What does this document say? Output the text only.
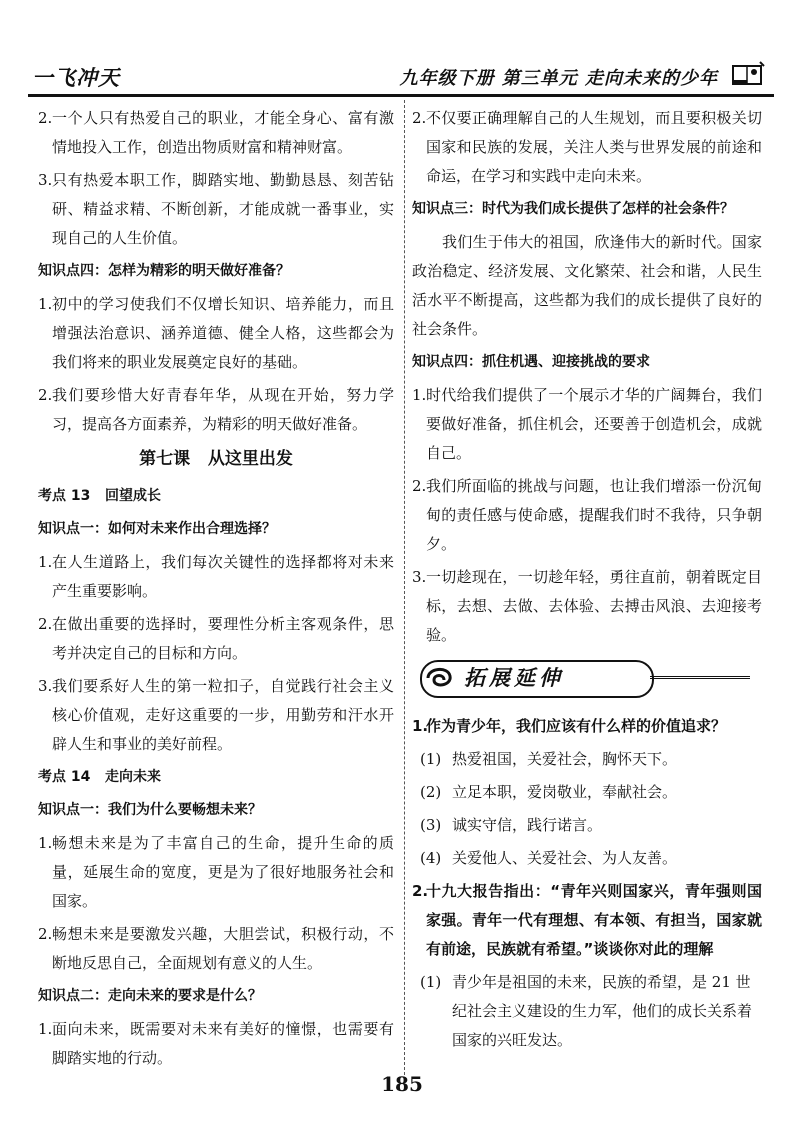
一飞冲天	九年级下册 第三单元 走向未来的少年
2. 一个人只有热爱自己的职业，才能全身心、富有激情地投入工作，创造出物质财富和精神财富。
3. 只有热爱本职工作，脚踏实地、勤勤恳恳、刻苦钻研、精益求精、不断创新，才能成就一番事业，实现自己的人生价值。
知识点四：怎样为精彩的明天做好准备？
1. 初中的学习使我们不仅增长知识、培养能力，而且增强法治意识、涵养道德、健全人格，这些都会为我们将来的职业发展奠定良好的基础。
2. 我们要珍惜大好青春年华，从现在开始，努力学习，提高各方面素养，为精彩的明天做好准备。
第七课   从这里出发
考点 13   回望成长
知识点一：如何对未来作出合理选择？
1. 在人生道路上，我们每次关键性的选择都将对未来产生重要影响。
2. 在做出重要的选择时，要理性分析主客观条件，思考并决定自己的目标和方向。
3. 我们要系好人生的第一粒扣子，自觉践行社会主义核心价值观，走好这重要的一步，用勤劳和汗水开辟人生和事业的美好前程。
考点 14   走向未来
知识点一：我们为什么要畅想未来？
1. 畅想未来是为了丰富自己的生命，提升生命的质量，延展生命的宽度，更是为了很好地服务社会和国家。
2. 畅想未来是要激发兴趣，大胆尝试，积极行动，不断地反思自己，全面规划有意义的人生。
知识点二：走向未来的要求是什么？
1. 面向未来，既需要对未来有美好的憧憬，也需要有脚踏实地的行动。
2. 不仅要正确理解自己的人生规划，而且要积极关切国家和民族的发展，关注人类与世界发展的前途和命运，在学习和实践中走向未来。
知识点三：时代为我们成长提供了怎样的社会条件？
我们生于伟大的祖国，欣逢伟大的新时代。国家政治稳定、经济发展、文化繁荣、社会和谐，人民生活水平不断提高，这些都为我们的成长提供了良好的社会条件。
知识点四：抓住机遇、迎接挑战的要求
1. 时代给我们提供了一个展示才华的广阔舞台，我们要做好准备，抓住机会，还要善于创造机会，成就自己。
2. 我们所面临的挑战与问题，也让我们增添一份沉甸甸的责任感与使命感，提醒我们时不我待，只争朝夕。
3. 一切趁现在，一切趁年轻，勇往直前，朝着既定目标，去想、去做、去体验、去搏击风浪、去迎接考验。
拓展延伸
1.
作为青少年，我们应该有什么样的价值追求？
(1) 热爱祖国，关爱社会，胸怀天下。
(2) 立足本职，爱岗敬业，奉献社会。
(3) 诚实守信，践行诺言。
(4) 关爱他人、关爱社会、为人友善。
2.
十九大报告指出：“青年兴则国家兴，青年强则国家强。青年一代有理想、有本领、有担当，国家就有前途，民族就有希望。”谈谈你对此的理解
(1) 青少年是祖国的未来，民族的希望，是 21 世纪社会主义建设的生力军，他们的成长关系着国家的兴旺发达。
185
